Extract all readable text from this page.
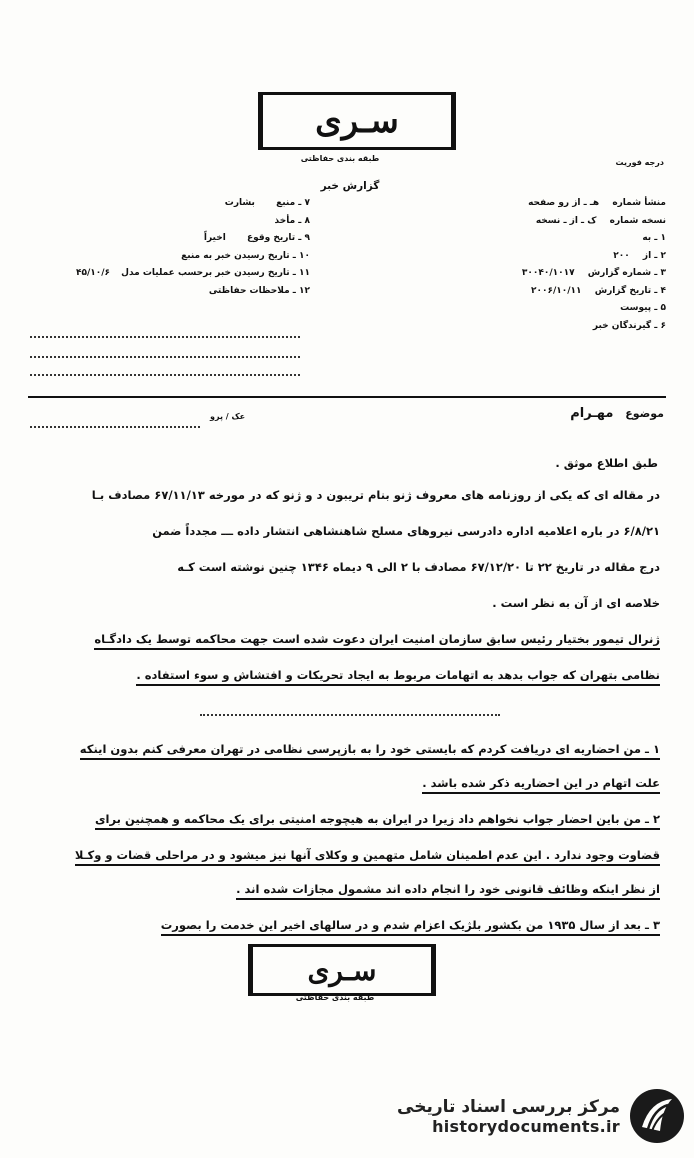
سـری
طبقه بندی حفاظتی	درجه فوریت
گزارش خبر
منشأ شماره هـ ـ از رو صفحه
نسخه شماره ک ـ از ـ نسخه
۱ ـ به
۲ ـ از ۲۰۰
۳ ـ شماره گزارش ۳۰۰۴۰/۱۰۱۷
۴ ـ تاریخ گزارش ۲۰۰۶/۱۰/۱۱
۵ ـ پیوست
۶ ـ گیرندگان خبر
۷ ـ منبع بشارت
۸ ـ مأخذ
۹ ـ تاریخ وقوع اخیراً
۱۰ ـ تاریخ رسیدن خبر به منبع
۱۱ ـ تاریخ رسیدن خبر برحسب عملیات مدل ۴۵/۱۰/۶
۱۲ ـ ملاحظات حفاظتی
موضوع مهـرام
عک / پرو
طبق اطلاع موثق .
در مقاله ای که یکی از روزنامه های معروف ژنو بنام تریبون د و ژنو که در مورخه ۶۷/۱۱/۱۳ مصادف بـا
۶/۸/۲۱ در باره اعلامیه اداره دادرسی نیروهای مسلح شاهنشاهی انتشار داده ـــ مجدداً ضمن
درج مقاله در تاریخ ۲۲ تا ۶۷/۱۲/۲۰ مصادف با ۲ الی ۹ دیماه ۱۳۴۶ چنین نوشته است کـه
خلاصه ای از آن به نظر است .
ژنرال تیمور بختیار رئیس سابق سازمان امنیت ایران دعوت شده است جهت محاکمه توسط یک دادگـاه
نظامی بتهران که جواب بدهد به اتهامات مربوط به ایجاد تحریکات و افتشاش و سوء استفاده .
۱ ـ من احضاریه ای دریافت کردم که بایستی خود را به بازپرسی نظامی در تهران معرفی کنم بدون اینکه
علت اتهام در این احضاریه ذکر شده باشد .
۲ ـ من باین احضار جواب نخواهم داد زیرا در ایران به هیچوجه امنیتی برای یک محاکمه و همچنین برای
قضاوت وجود ندارد . این عدم اطمینان شامل متهمین و وکلای آنها نیز میشود و در مراحلی قضات و وکـلا
از نظر اینکه وظائف قانونی خود را انجام داده اند مشمول مجازات شده اند .
۳ ـ بعد از سال ۱۹۳۵ من بکشور بلژیک اعزام شدم و در سالهای اخیر این خدمت را بصورت
سـری
طبقه بندی حفاظتی
مرکز بررسی اسناد تاریخی
historydocuments.ir
